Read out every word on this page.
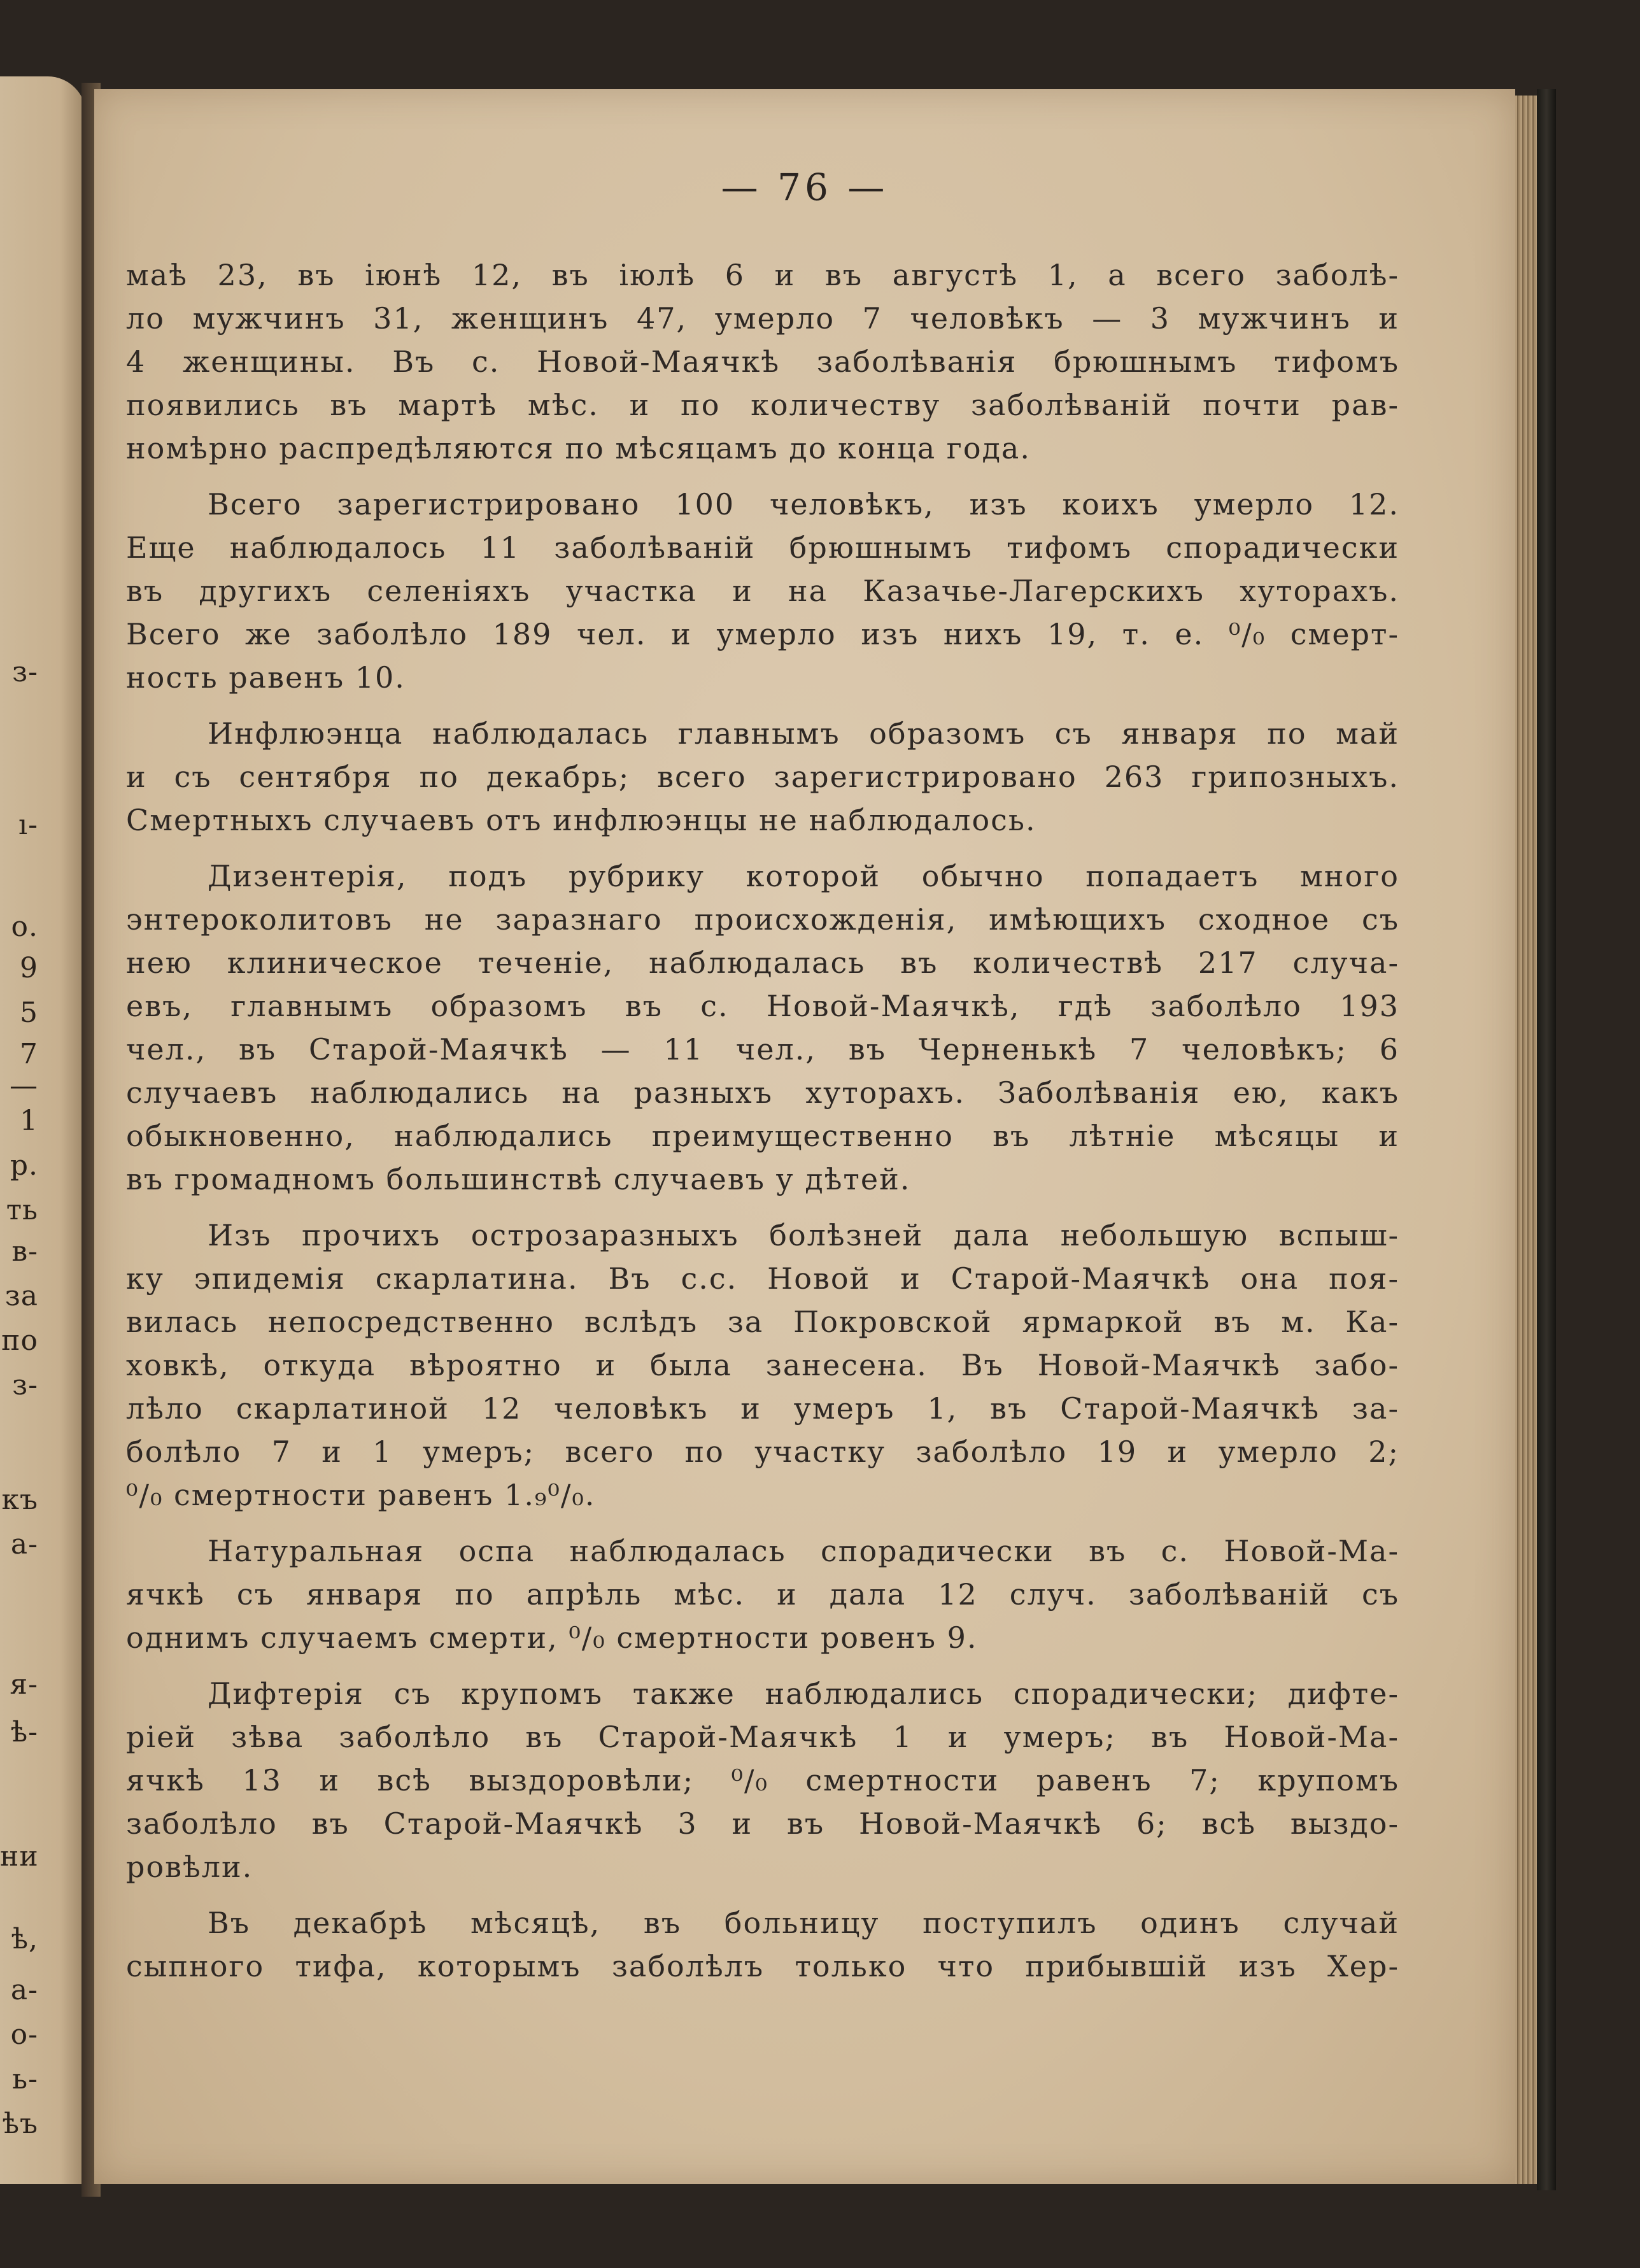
з-
ı-
о.
9
5
7
—
1
р.
ть
в-
за
по
з-
къ
а-
я-
ѣ-
ни
ѣ,
а-
о-
ь-
ѣъ
— 76 —
маѣ 23, въ іюнѣ 12, въ іюлѣ 6 и въ августѣ 1, а всего заболѣ-
ло мужчинъ 31, женщинъ 47, умерло 7 человѣкъ — 3 мужчинъ и
4 женщины. Въ с. Новой-Маячкѣ заболѣванія брюшнымъ тифомъ
появились въ мартѣ мѣс. и по количеству заболѣваній почти рав-
номѣрно распредѣляются по мѣсяцамъ до конца года.
Всего зарегистрировано 100 человѣкъ, изъ коихъ умерло 12.
Еще наблюдалось 11 заболѣваній брюшнымъ тифомъ спорадически
въ другихъ селеніяхъ участка и на Казачье-Лагерскихъ хуторахъ.
Всего же заболѣло 189 чел. и умерло изъ нихъ 19, т. е. ⁰/₀ смерт-
ность равенъ 10.
Инфлюэнца наблюдалась главнымъ образомъ съ января по май
и съ сентября по декабрь; всего зарегистрировано 263 грипозныхъ.
Смертныхъ случаевъ отъ инфлюэнцы не наблюдалось.
Дизентерія, подъ рубрику которой обычно попадаетъ много
энтероколитовъ не заразнаго происхожденія, имѣющихъ сходное съ
нею клиническое теченіе, наблюдалась въ количествѣ 217 случа-
евъ, главнымъ образомъ въ с. Новой-Маячкѣ, гдѣ заболѣло 193
чел., въ Старой-Маячкѣ — 11 чел., въ Черненькѣ 7 человѣкъ; 6
случаевъ наблюдались на разныхъ хуторахъ. Заболѣванія ею, какъ
обыкновенно, наблюдались преимущественно въ лѣтніе мѣсяцы и
въ громадномъ большинствѣ случаевъ у дѣтей.
Изъ прочихъ острозаразныхъ болѣзней дала небольшую вспыш-
ку эпидемія скарлатина. Въ с.с. Новой и Старой-Маячкѣ она поя-
вилась непосредственно вслѣдъ за Покровской ярмаркой въ м. Ка-
ховкѣ, откуда вѣроятно и была занесена. Въ Новой-Маячкѣ забо-
лѣло скарлатиной 12 человѣкъ и умеръ 1, въ Старой-Маячкѣ за-
болѣло 7 и 1 умеръ; всего по участку заболѣло 19 и умерло 2;
⁰/₀ смертности равенъ 1.₉⁰/₀.
Натуральная оспа наблюдалась спорадически въ с. Новой-Ма-
ячкѣ съ января по апрѣль мѣс. и дала 12 случ. заболѣваній съ
однимъ случаемъ смерти, ⁰/₀ смертности ровенъ 9.
Дифтерія съ крупомъ также наблюдались спорадически; дифте-
ріей зѣва заболѣло въ Старой-Маячкѣ 1 и умеръ; въ Новой-Ма-
ячкѣ 13 и всѣ выздоровѣли; ⁰/₀ смертности равенъ 7; крупомъ
заболѣло въ Старой-Маячкѣ 3 и въ Новой-Маячкѣ 6; всѣ выздо-
ровѣли.
Въ декабрѣ мѣсяцѣ, въ больницу поступилъ одинъ случай
сыпного тифа, которымъ заболѣлъ только что прибывшій изъ Хер-
